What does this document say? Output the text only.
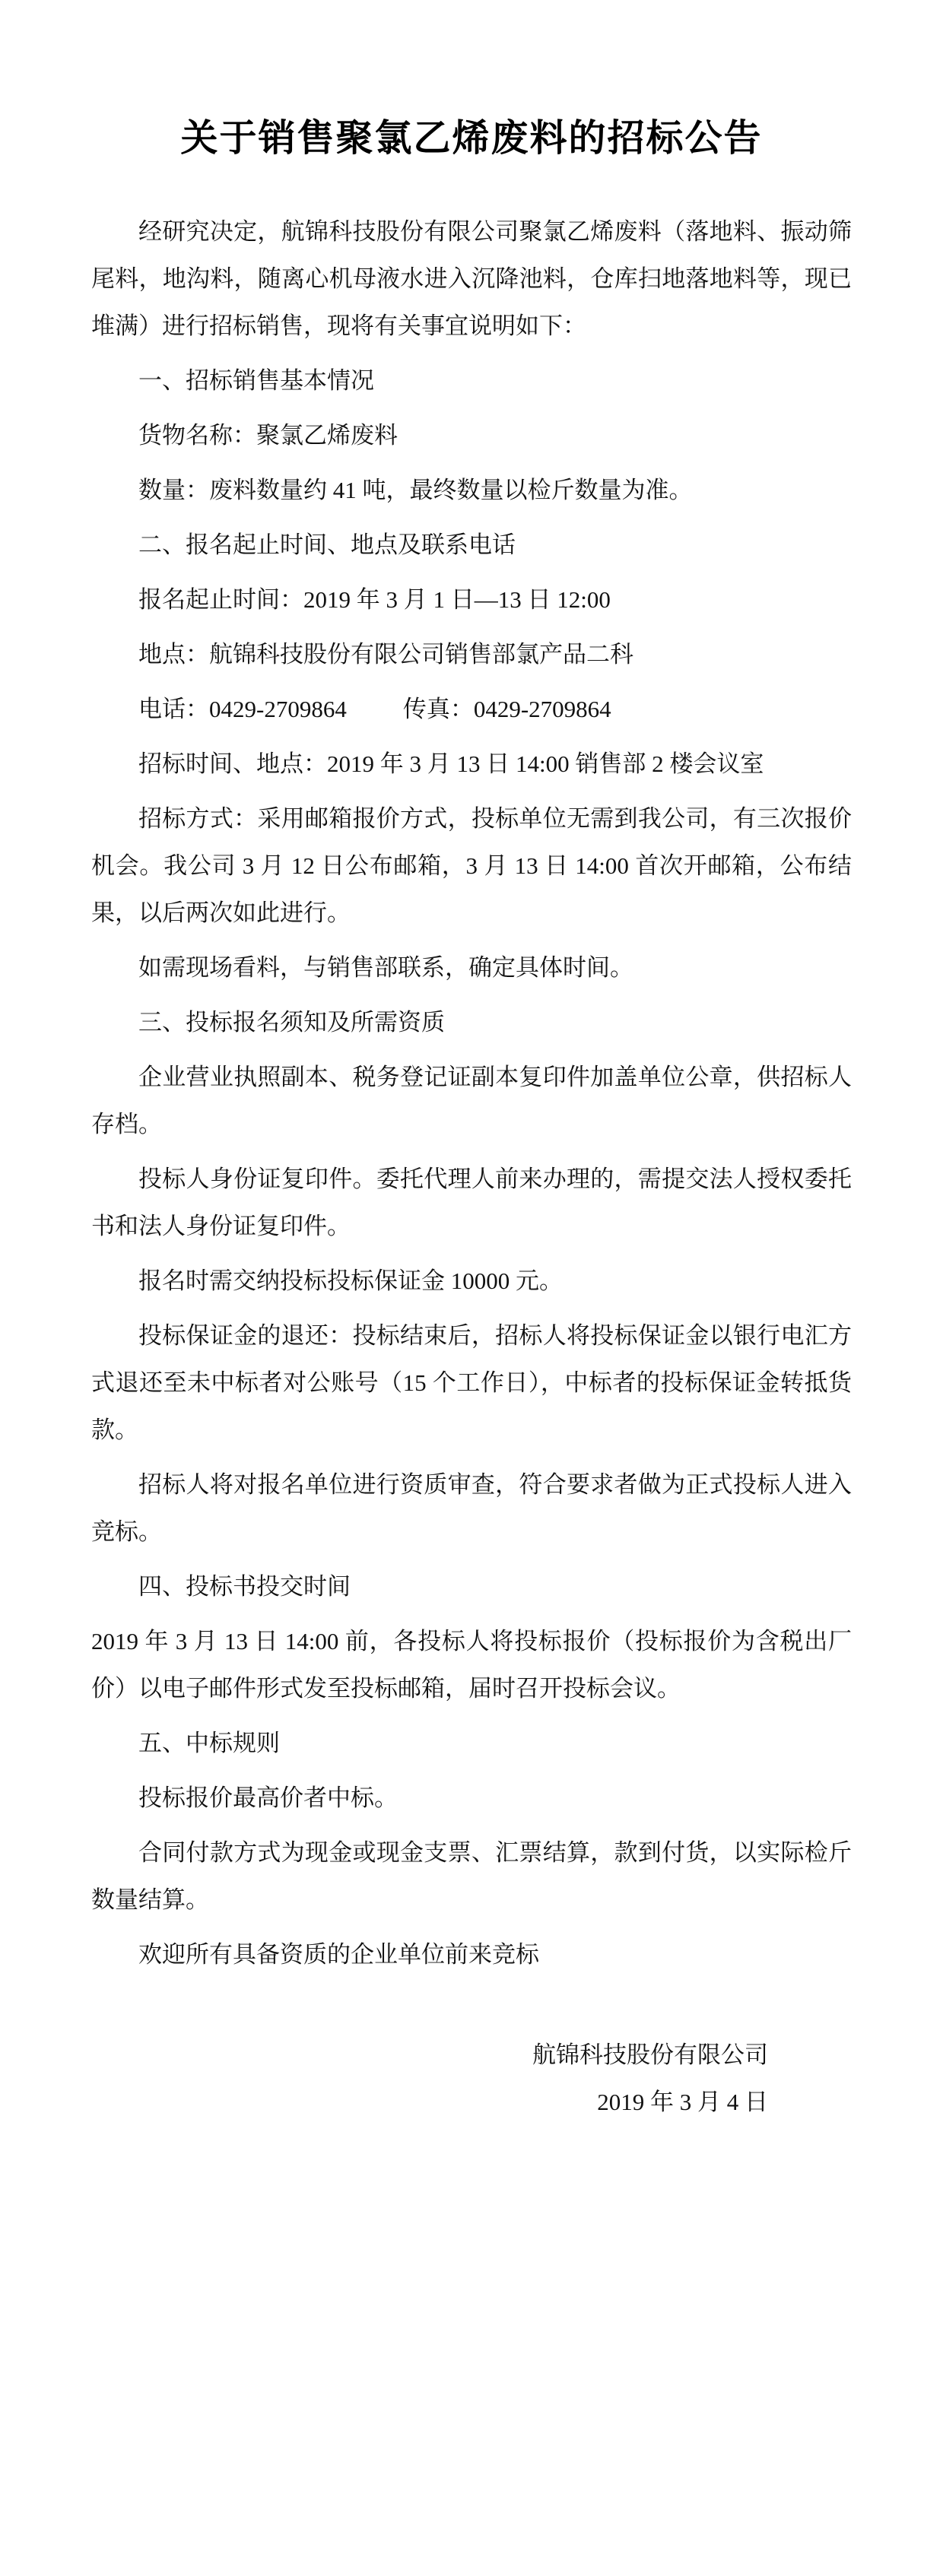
关于销售聚氯乙烯废料的招标公告

经研究决定，航锦科技股份有限公司聚氯乙烯废料（落地料、振动筛尾料，地沟料，随离心机母液水进入沉降池料，仓库扫地落地料等，现已堆满）进行招标销售，现将有关事宜说明如下：

一、招标销售基本情况

货物名称：聚氯乙烯废料

数量：废料数量约 41 吨，最终数量以检斤数量为准。

二、报名起止时间、地点及联系电话

报名起止时间：2019 年 3 月 1 日—13 日 12:00

地点：航锦科技股份有限公司销售部氯产品二科

电话：0429-2709864 传真：0429-2709864

招标时间、地点：2019 年 3 月 13 日 14:00 销售部 2 楼会议室

招标方式：采用邮箱报价方式，投标单位无需到我公司，有三次报价机会。我公司 3 月 12 日公布邮箱，3 月 13 日 14:00 首次开邮箱，公布结果，以后两次如此进行。

如需现场看料，与销售部联系，确定具体时间。

三、投标报名须知及所需资质

企业营业执照副本、税务登记证副本复印件加盖单位公章，供招标人存档。

投标人身份证复印件。委托代理人前来办理的，需提交法人授权委托书和法人身份证复印件。

报名时需交纳投标投标保证金 10000 元。

投标保证金的退还：投标结束后，招标人将投标保证金以银行电汇方式退还至未中标者对公账号（15 个工作日），中标者的投标保证金转抵货款。

招标人将对报名单位进行资质审查，符合要求者做为正式投标人进入竞标。

四、投标书投交时间

2019 年 3 月 13 日 14:00 前，各投标人将投标报价（投标报价为含税出厂价）以电子邮件形式发至投标邮箱，届时召开投标会议。

五、中标规则

投标报价最高价者中标。

合同付款方式为现金或现金支票、汇票结算，款到付货，以实际检斤数量结算。

欢迎所有具备资质的企业单位前来竞标

航锦科技股份有限公司
2019 年 3 月 4 日
